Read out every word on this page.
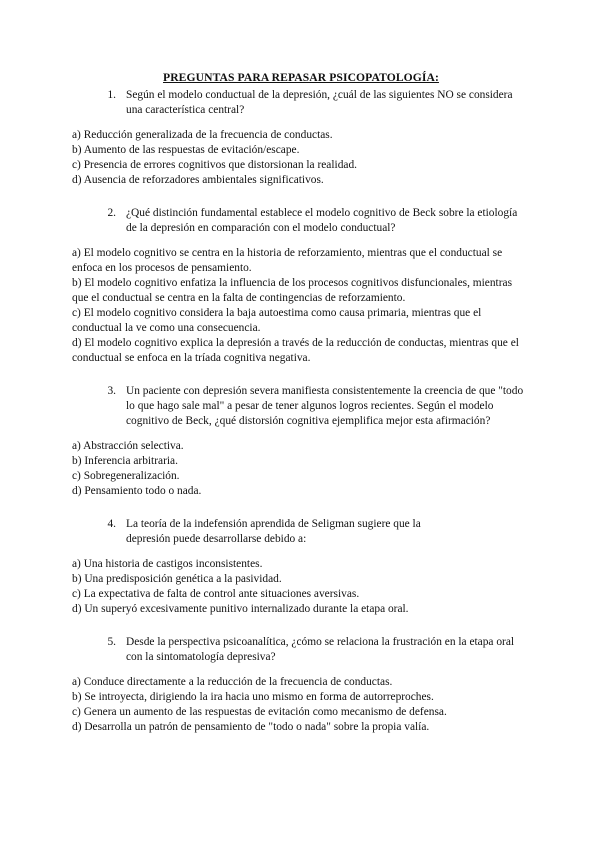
PREGUNTAS PARA REPASAR PSICOPATOLOGÍA:
1. Según el modelo conductual de la depresión, ¿cuál de las siguientes NO se considera una característica central?
a) Reducción generalizada de la frecuencia de conductas.
b) Aumento de las respuestas de evitación/escape.
c) Presencia de errores cognitivos que distorsionan la realidad.
d) Ausencia de reforzadores ambientales significativos.
2. ¿Qué distinción fundamental establece el modelo cognitivo de Beck sobre la etiología de la depresión en comparación con el modelo conductual?
a) El modelo cognitivo se centra en la historia de reforzamiento, mientras que el conductual se enfoca en los procesos de pensamiento.
b) El modelo cognitivo enfatiza la influencia de los procesos cognitivos disfuncionales, mientras que el conductual se centra en la falta de contingencias de reforzamiento.
c) El modelo cognitivo considera la baja autoestima como causa primaria, mientras que el conductual la ve como una consecuencia.
d) El modelo cognitivo explica la depresión a través de la reducción de conductas, mientras que el conductual se enfoca en la tríada cognitiva negativa.
3. Un paciente con depresión severa manifiesta consistentemente la creencia de que "todo lo que hago sale mal" a pesar de tener algunos logros recientes. Según el modelo cognitivo de Beck, ¿qué distorsión cognitiva ejemplifica mejor esta afirmación?
a) Abstracción selectiva.
b) Inferencia arbitraria.
c) Sobregeneralización.
d) Pensamiento todo o nada.
4. La teoría de la indefensión aprendida de Seligman sugiere que la depresión puede desarrollarse debido a:
a) Una historia de castigos inconsistentes.
b) Una predisposición genética a la pasividad.
c) La expectativa de falta de control ante situaciones aversivas.
d) Un superyó excesivamente punitivo internalizado durante la etapa oral.
5. Desde la perspectiva psicoanalítica, ¿cómo se relaciona la frustración en la etapa oral con la sintomatología depresiva?
a) Conduce directamente a la reducción de la frecuencia de conductas.
b) Se introyecta, dirigiendo la ira hacia uno mismo en forma de autorreproches.
c) Genera un aumento de las respuestas de evitación como mecanismo de defensa.
d) Desarrolla un patrón de pensamiento de "todo o nada" sobre la propia valía.
